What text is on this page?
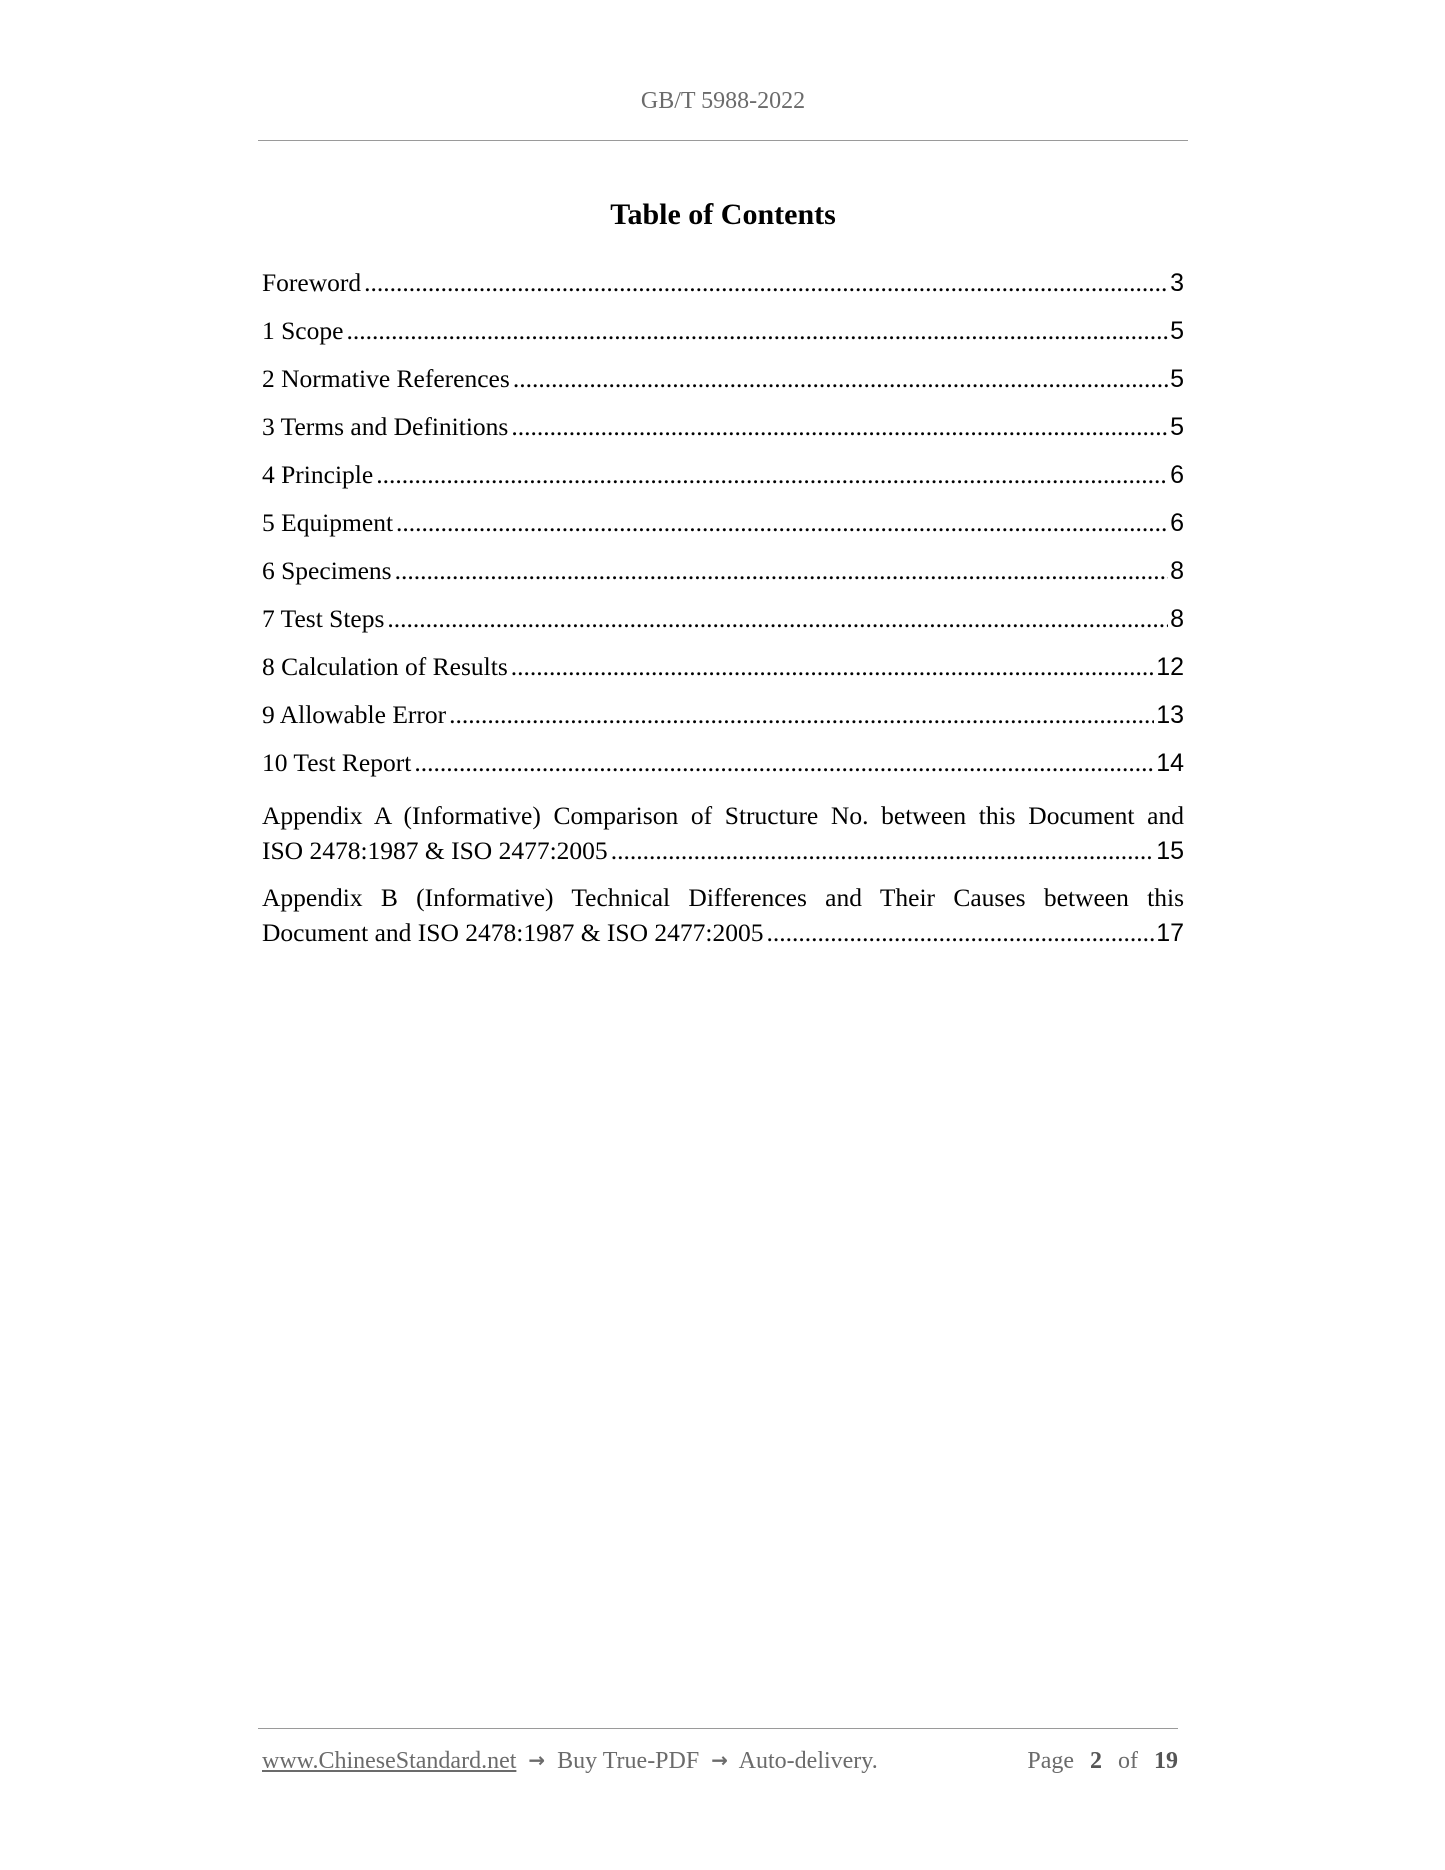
GB/T 5988-2022
Table of Contents
Foreword .....	3
1 Scope .....	5
2 Normative References .....	5
3 Terms and Definitions .....	5
4 Principle .....	6
5 Equipment .....	6
6 Specimens .....	8
7 Test Steps .....	8
8 Calculation of Results .....	12
9 Allowable Error .....	13
10 Test Report .....	14
Appendix A (Informative) Comparison of Structure No. between this Document and
ISO 2478:1987 & ISO 2477:2005 .....	15
Appendix B (Informative) Technical Differences and Their Causes between this
Document and ISO 2478:1987 & ISO 2477:2005 .....	17
www.ChineseStandard.net → Buy True-PDF → Auto-delivery.	Page 2 of 19
